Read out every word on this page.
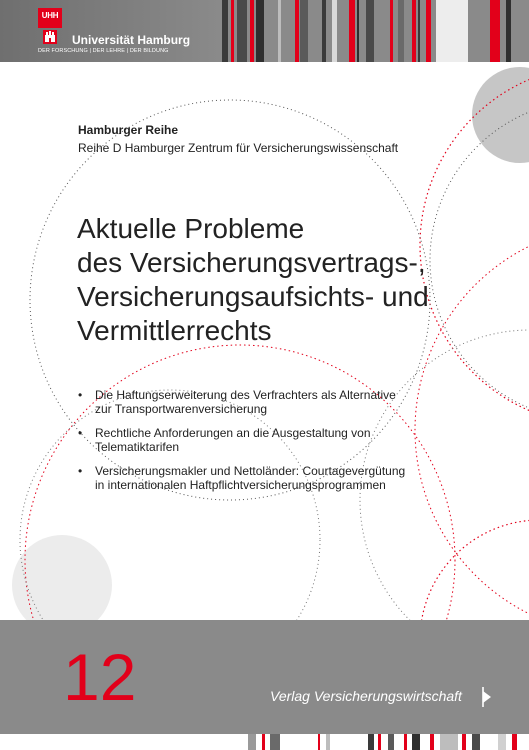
UHH
Universität Hamburg
DER FORSCHUNG | DER LEHRE | DER BILDUNG
Hamburger Reihe
Reihe D Hamburger Zentrum für Versicherungswissenschaft
Aktuelle Probleme
des Versicherungsvertrags-,
Versicherungsaufsichts- und
Vermittlerrechts
• Die Haftungserweiterung des Verfrachters als Alternative
zur Transportwarenversicherung
• Rechtliche Anforderungen an die Ausgestaltung von
Telematiktarifen
• Versicherungsmakler und Nettoländer: Courtagevergütung
in internationalen Haftpflichtversicherungsprogrammen
12	Verlag Versicherungswirtschaft
